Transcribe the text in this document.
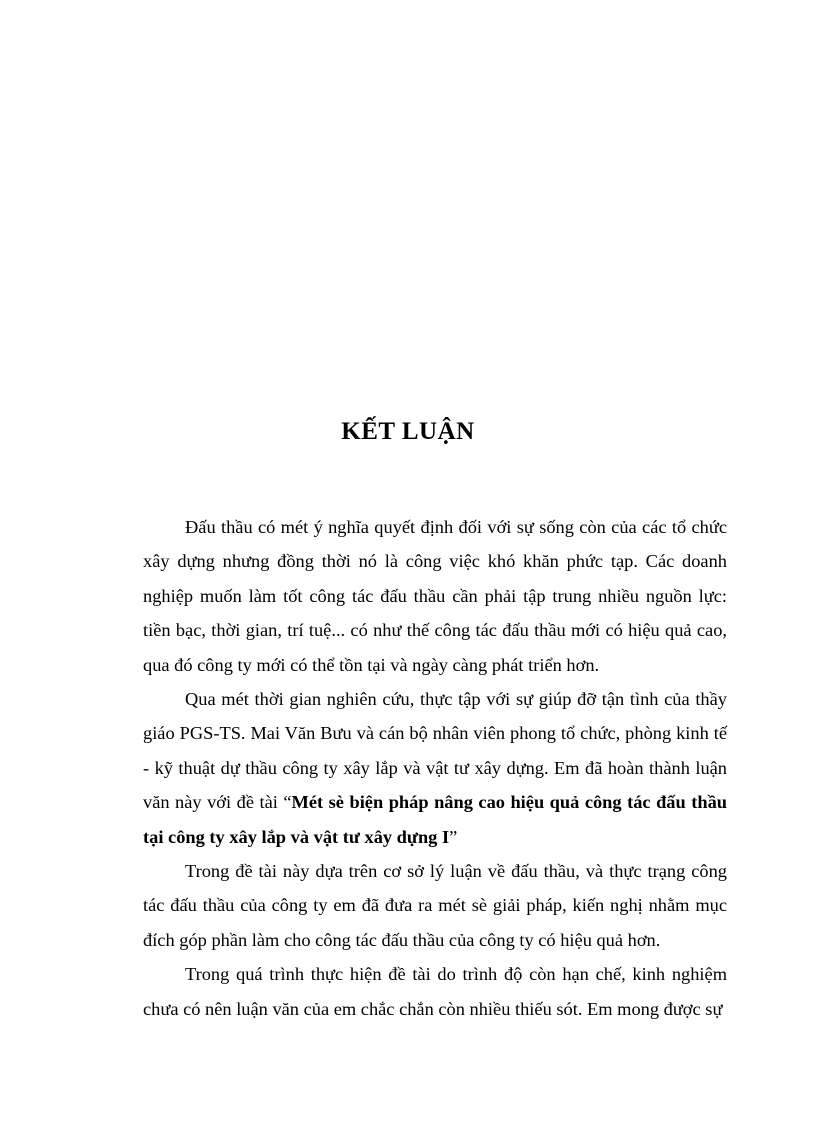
KẾT LUẬN

Đấu thầu có mét ý nghĩa quyết định đối với sự sống còn của các tổ chức xây dựng nhưng đồng thời nó là công việc khó khăn phức tạp. Các doanh nghiệp muốn làm tốt công tác đấu thầu cần phải tập trung nhiều nguồn lực: tiền bạc, thời gian, trí tuệ... có như thế công tác đấu thầu mới có hiệu quả cao, qua đó công ty mới có thể tồn tại và ngày càng phát triển hơn.

Qua mét thời gian nghiên cứu, thực tập với sự giúp đỡ tận tình của thầy giáo PGS-TS. Mai Văn Bưu và cán bộ nhân viên phong tổ chức, phòng kinh tế - kỹ thuật dự thầu công ty xây lắp và vật tư xây dựng. Em đã hoàn thành luận văn này với đề tài “Mét sè biện pháp nâng cao hiệu quả công tác đấu thầu tại công ty xây lắp và vật tư xây dựng I”

Trong đề tài này dựa trên cơ sở lý luận về đấu thầu, và thực trạng công tác đấu thầu của công ty em đã đưa ra mét sè giải pháp, kiến nghị nhằm mục đích góp phần làm cho công tác đấu thầu của công ty có hiệu quả hơn.

Trong quá trình thực hiện đề tài do trình độ còn hạn chế, kinh nghiệm chưa có nên luận văn của em chắc chắn còn nhiều thiếu sót. Em mong được sự
